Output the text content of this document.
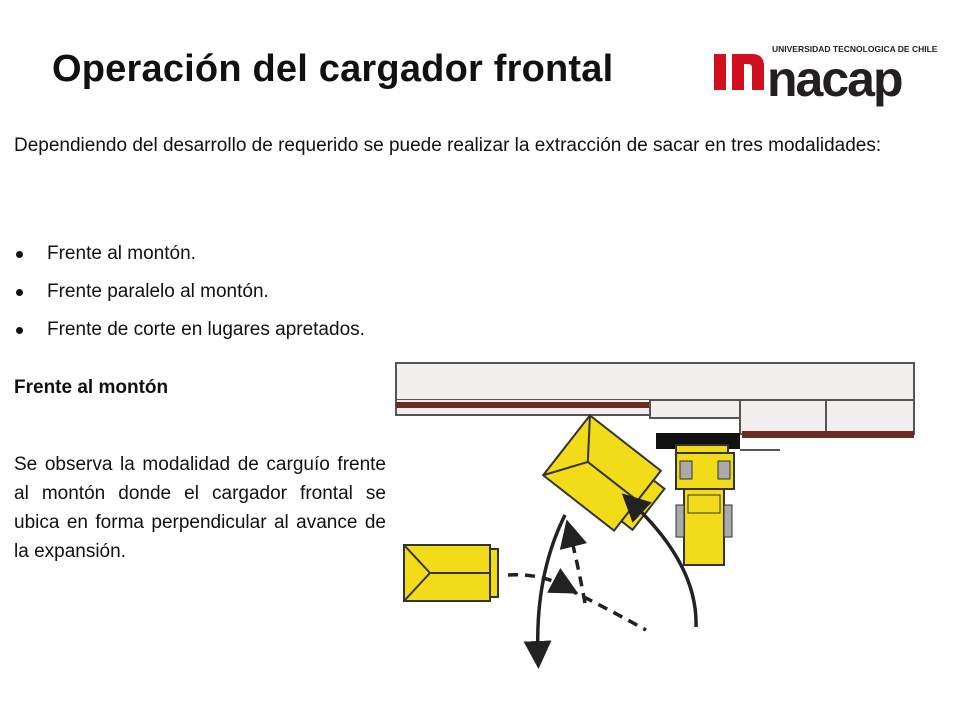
Operación del cargador frontal	UNIVERSIDAD TECNOLOGICA DE CHILE
nacap
Dependiendo del desarrollo de requerido se puede realizar la extracción de sacar en tres modalidades:
Frente al montón.
Frente paralelo al montón.
Frente de corte en lugares apretados.
Frente al montón
Se observa la modalidad de carguío frente al montón donde el cargador frontal se ubica en forma perpendicular al avance de la expansión.
